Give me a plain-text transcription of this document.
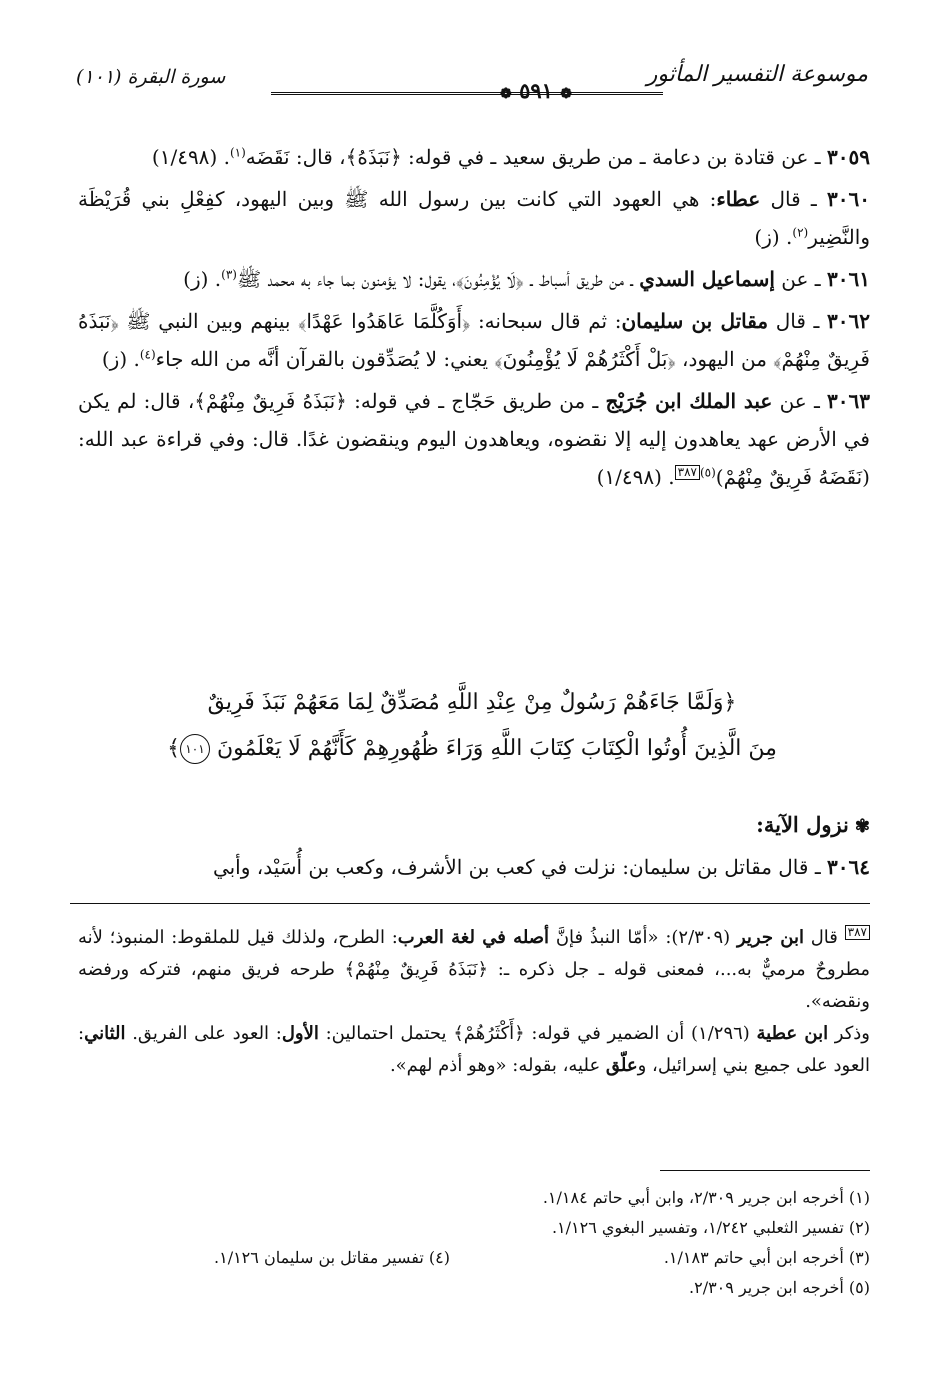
موسوعة التفسير المأثور
❁ ٥٩١ ❁
سورة البقرة (١٠١)

٣٠٥٩ ـ عن قتادة بن دعامة ـ من طريق سعيد ـ في قوله: ﴿نَبَذَهُ﴾، قال: نَقَضَه$^{(١)}$. (١/٤٩٨)

٣٠٦٠ ـ قال عطاء: هي العهود التي كانت بين رسول الله ﷺ وبين اليهود، كفِعْلِ بني قُرَيْظَة والنَّضِير$^{(٢)}$. (ز)

٣٠٦١ ـ عن إسماعيل السدي ـ من طريق أسباط ـ ﴿لَا يُؤْمِنُونَ﴾، يقول: لا يؤمنون بما جاء به محمد ﷺ$^{(٣)}$. (ز)

٣٠٦٢ ـ قال مقاتل بن سليمان: ثم قال سبحانه: ﴿أَوَكُلَّمَا عَاهَدُوا عَهْدًا﴾ بينهم وبين النبي ﷺ ﴿نَبَذَهُ فَرِيقٌ مِنْهُمْ﴾ من اليهود، ﴿بَلْ أَكْثَرُهُمْ لَا يُؤْمِنُونَ﴾ يعني: لا يُصَدِّقون بالقرآن أنَّه من الله جاء$^{(٤)}$. (ز)

٣٠٦٣ ـ عن عبد الملك ابن جُرَيْج ـ من طريق حَجّاج ـ في قوله: ﴿نَبَذَهُ فَرِيقٌ مِنْهُمْ﴾، قال: لم يكن في الأرض عهد يعاهدون إليه إلا نقضوه، ويعاهدون اليوم وينقضون غدًا. قال: وفي قراءة عبد الله: (نَقَضَهُ فَرِيقٌ مِنْهُمْ)$^{(٥)}$٣٨٧. (١/٤٩٨)

﴿وَلَمَّا جَاءَهُمْ رَسُولٌ مِنْ عِنْدِ اللَّهِ مُصَدِّقٌ لِمَا مَعَهُمْ نَبَذَ فَرِيقٌ
مِنَ الَّذِينَ أُوتُوا الْكِتَابَ كِتَابَ اللَّهِ وَرَاءَ ظُهُورِهِمْ كَأَنَّهُمْ لَا يَعْلَمُونَ ١٠١﴾
✾نزول الآية:
٣٠٦٤ ـ قال مقاتل بن سليمان: نزلت في كعب بن الأشرف، وكعب بن أُسَيْد، وأبي

٣٨٧ قال ابن جرير (٢/٣٠٩): «أمّا النبذُ فإنَّ أصله في لغة العرب: الطرح، ولذلك قيل للملقوط: المنبوذ؛ لأنه مطروحٌ مرميٌّ به...، فمعنى قوله ـ جل ذكره ـ: ﴿نَبَذَهُ فَرِيقٌ مِنْهُمْ﴾ طرحه فريق منهم، فتركه ورفضه ونقضه».

وذكر ابن عطية (١/٢٩٦) أن الضمير في قوله: ﴿أَكْثَرُهُمْ﴾ يحتمل احتمالين: الأول: العود على الفريق. الثاني: العود على جميع بني إسرائيل، وعلّق عليه، بقوله: «وهو أذم لهم».

(١) أخرجه ابن جرير ٢/٣٠٩، وابن أبي حاتم ١/١٨٤.
(٢) تفسير الثعلبي ١/٢٤٢، وتفسير البغوي ١/١٢٦.
(٣) أخرجه ابن أبي حاتم ١/١٨٣.
(٤) تفسير مقاتل بن سليمان ١/١٢٦.
(٥) أخرجه ابن جرير ٢/٣٠٩.
